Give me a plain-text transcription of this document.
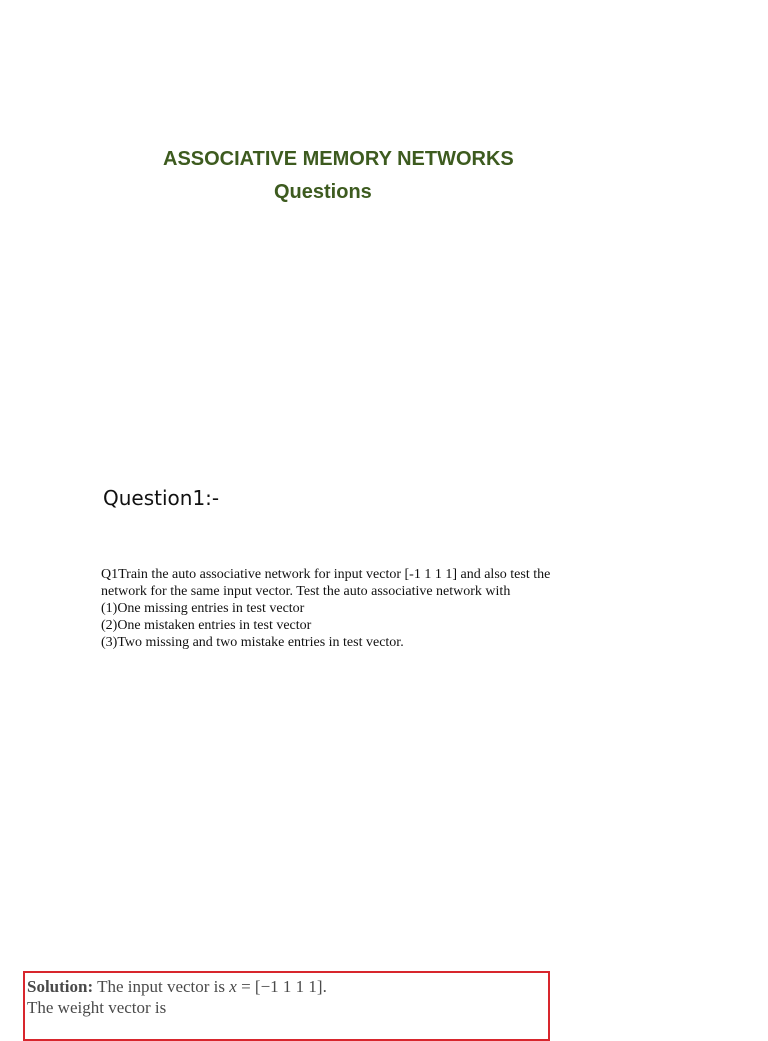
ASSOCIATIVE MEMORY NETWORKS
Questions
Question1:-
Q1Train the auto associative network for input vector [-1 1 1 1] and also test the
network for the same input vector. Test the auto associative network with
(1)One missing entries in test vector
(2)One mistaken entries in test vector
(3)Two missing and two mistake entries in test vector.
Solution: The input vector is x = [−1 1 1 1].
The weight vector is
